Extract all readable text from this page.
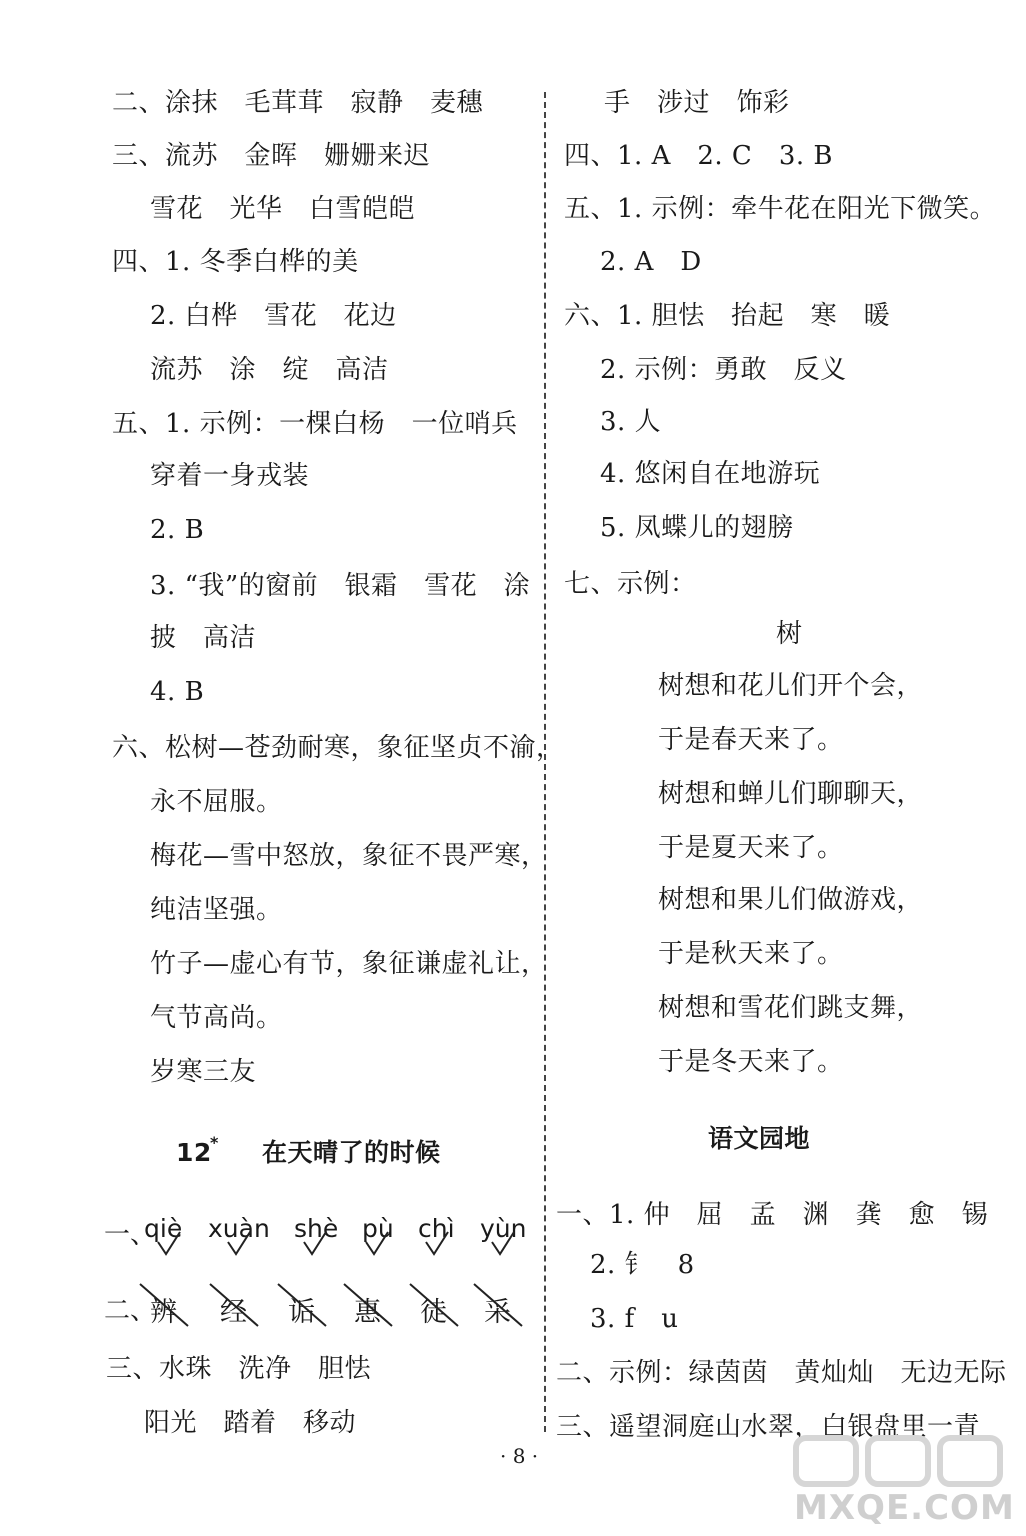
二、涂抹　毛茸茸　寂静　麦穗
三、流苏　金晖　姗姗来迟
雪花　光华　白雪皑皑
四、1. 冬季白桦的美
2. 白桦　雪花　花边
流苏　涂　绽　高洁
五、1. 示例：一棵白杨　一位哨兵
穿着一身戎装
2. B
3. “我”的窗前　银霜　雪花　涂
披　高洁
4. B
六、松树—苍劲耐寒，象征坚贞不渝，
永不屈服。
梅花—雪中怒放，象征不畏严寒，
纯洁坚强。
竹子—虚心有节，象征谦虚礼让，
气节高尚。
岁寒三友
12
* 在天晴了的时候
一、
qiè xuàn shè pù chì yùn
二、
辨 经 诟 惠 徒 采
三、水珠　洗净　胆怯
阳光　踏着　移动
手　涉过　饰彩
四、1. A　2. C　3. B
五、1. 示例：牵牛花在阳光下微笑。
2. A　D
六、1. 胆怯　抬起　寒　暖
2. 示例：勇敢　反义
3. 人
4. 悠闲自在地游玩
5. 凤蝶儿的翅膀
七、示例：
树
树想和花儿们开个会，
于是春天来了。
树想和蝉儿们聊聊天，
于是夏天来了。
树想和果儿们做游戏，
于是秋天来了。
树想和雪花们跳支舞，
于是冬天来了。
语文园地
一、1. 仲　屈　孟　渊　龚　愈　锡
2. 钅　8
3. f　u
二、示例：绿茵茵　黄灿灿　无边无际
三、遥望洞庭山水翠，白银盘里一青
· 8 ·
MXQE.COM
